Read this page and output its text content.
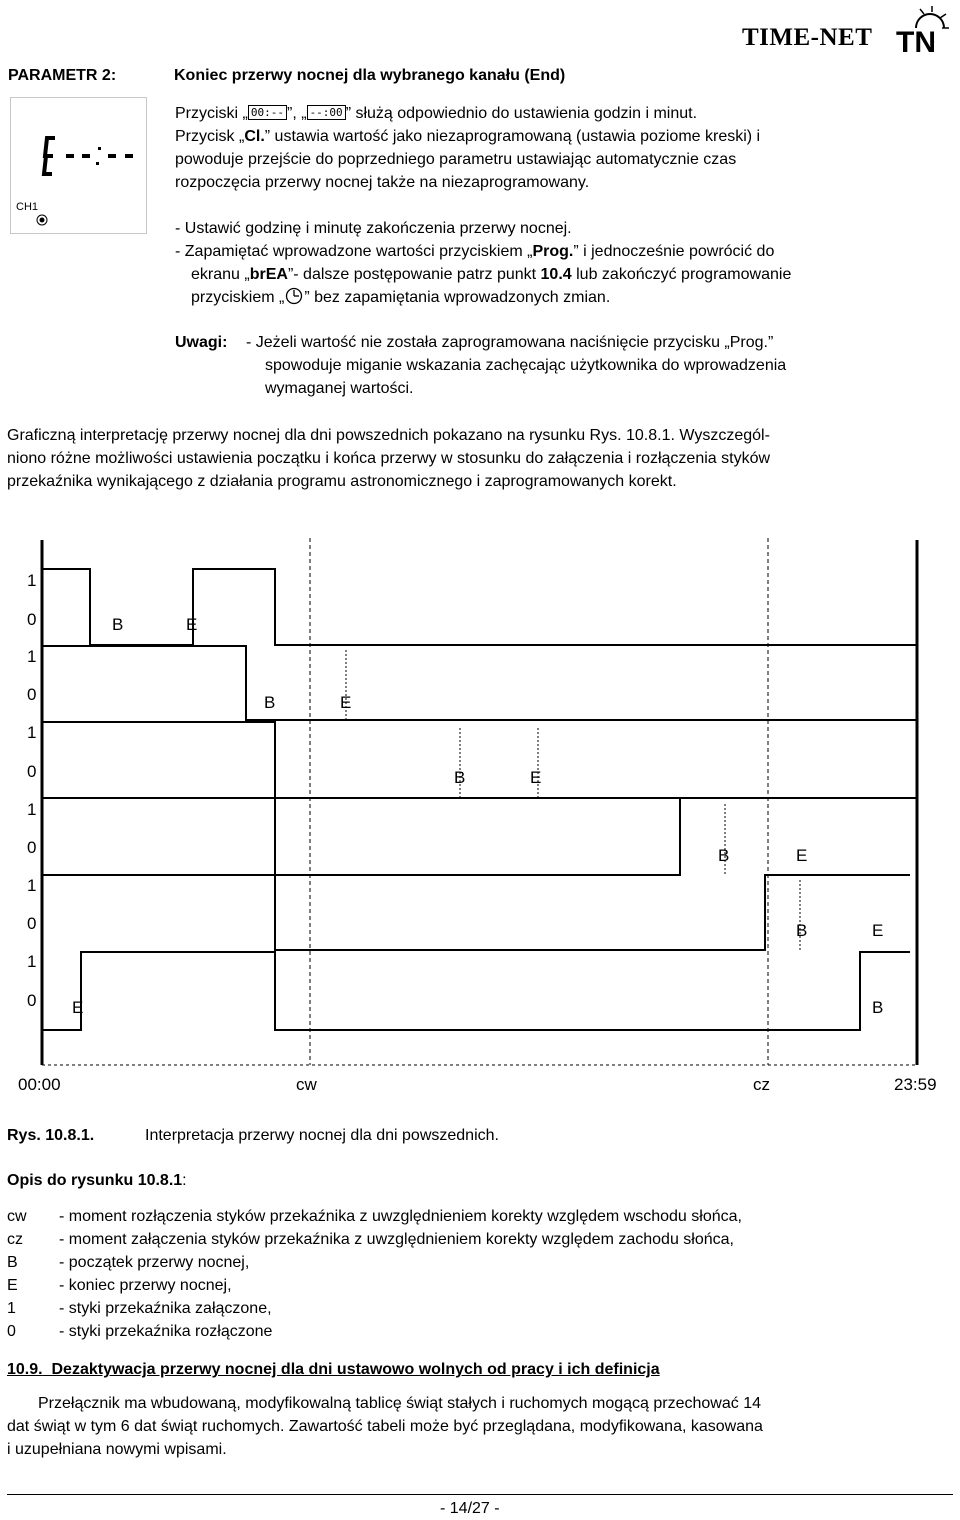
PARAMETR 2:	Koniec przerwy nocnej dla wybranego kanału (End)
TIME-NET TN
CH1
Przyciski „ 00:-- ”, „ --:00 ” służą odpowiednio do ustawienia godzin i minut.
Przycisk „Cl.” ustawia wartość jako niezaprogramowaną (ustawia poziome kreski) i
powoduje przejście do poprzedniego parametru ustawiając automatycznie czas
rozpoczęcia przerwy nocnej także na niezaprogramowany.
- Ustawić godzinę i minutę zakończenia przerwy nocnej.
- Zapamiętać wprowadzone wartości przyciskiem „Prog.” i jednocześnie powrócić do
ekranu „brEA”- dalsze postępowanie patrz punkt 10.4 lub zakończyć programowanie
przyciskiem „ ” bez zapamiętania wprowadzonych zmian.
Uwagi: - Jeżeli wartość nie została zaprogramowana naciśnięcie przycisku „Prog.”
spowoduje miganie wskazania zachęcając użytkownika do wprowadzenia
wymaganej wartości.
Graficzną interpretację przerwy nocnej dla dni powszednich pokazano na rysunku Rys. 10.8.1. Wyszczegól-
niono różne możliwości ustawienia początku i końca przerwy w stosunku do załączenia i rozłączenia styków
przekaźnika wynikającego z działania programu astronomicznego i zaprogramowanych korekt.
1
0
1
0
1
0
1
0
1
0
1
0
B	E
B	E
B	E
B	E
B	E
B
E
00:00	cw	cz	23:59
Rys. 10.8.1.	Interpretacja przerwy nocnej dla dni powszednich.
Opis do rysunku 10.8.1:
cw - moment rozłączenia styków przekaźnika z uwzględnieniem korekty względem wschodu słońca,
cz - moment załączenia styków przekaźnika z uwzględnieniem korekty względem zachodu słońca,
B	- początek przerwy nocnej,
E	- koniec przerwy nocnej,
1	- styki przekaźnika załączone,
0	- styki przekaźnika rozłączone
10.9. Dezaktywacja przerwy nocnej dla dni ustawowo wolnych od pracy i ich definicja
Przełącznik ma wbudowaną, modyfikowalną tablicę świąt stałych i ruchomych mogącą przechować 14
dat świąt w tym 6 dat świąt ruchomych. Zawartość tabeli może być przeglądana, modyfikowana, kasowana
i uzupełniana nowymi wpisami.
- 14/27 -
